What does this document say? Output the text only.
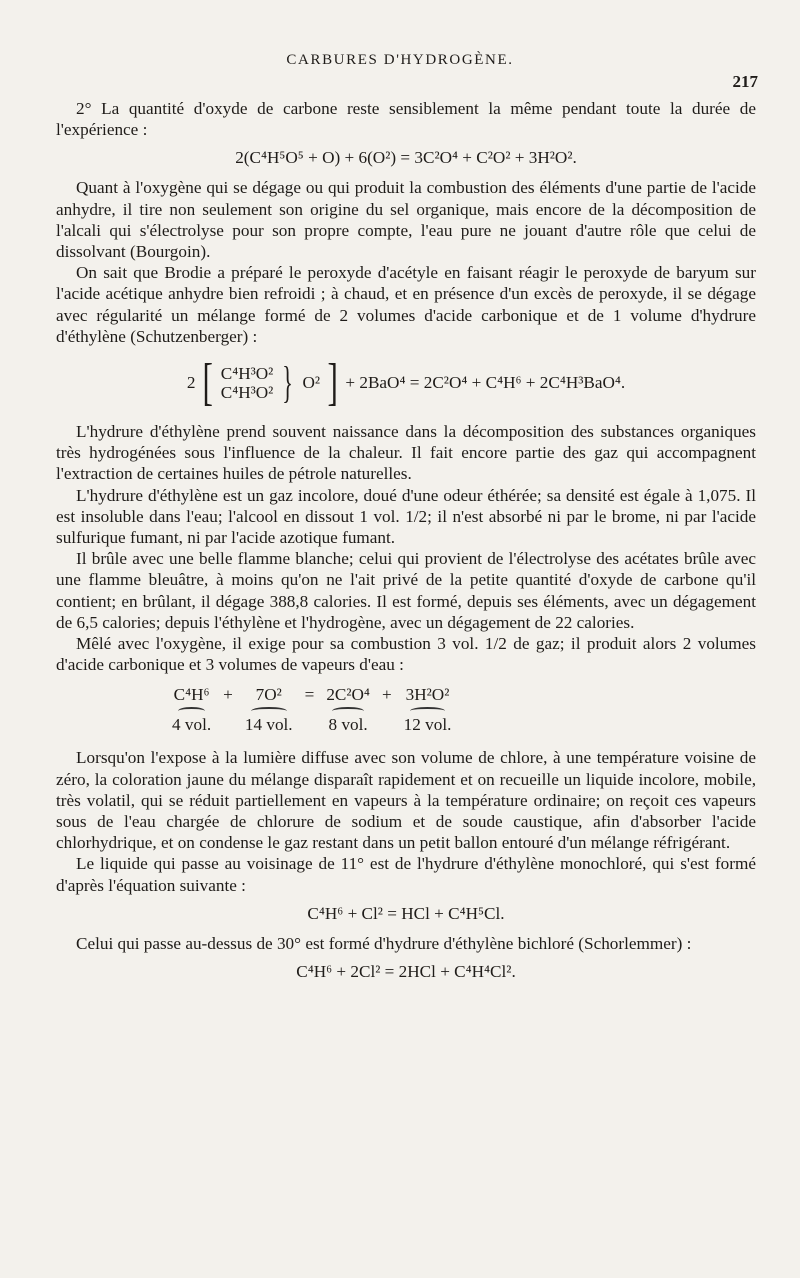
CARBURES D'HYDROGÈNE.
217

2° La quantité d'oxyde de carbone reste sensiblement la même pendant toute la durée de l'expérience :

2(C⁴H⁵O⁵ + O) + 6(O²) = 3C²O⁴ + C²O² + 3H²O².

Quant à l'oxygène qui se dégage ou qui produit la combustion des éléments d'une partie de l'acide anhydre, il tire non seulement son origine du sel organique, mais encore de la décomposition de l'alcali qui s'électrolyse pour son propre compte, l'eau pure ne jouant d'autre rôle que celui de dissolvant (Bourgoin).

On sait que Brodie a préparé le peroxyde d'acétyle en faisant réagir le peroxyde de baryum sur l'acide acétique anhydre bien refroidi ; à chaud, et en présence d'un excès de peroxyde, il se dégage avec régularité un mélange formé de 2 volumes d'acide carbonique et de 1 volume d'hydrure d'éthylène (Schutzenberger) :

2 [ C⁴H³O²
C⁴H³O² } O² ] + 2BaO⁴ = 2C²O⁴ + C⁴H⁶ + 2C⁴H³BaO⁴.

L'hydrure d'éthylène prend souvent naissance dans la décomposition des substances organiques très hydrogénées sous l'influence de la chaleur. Il fait encore partie des gaz qui accompagnent l'extraction de certaines huiles de pétrole naturelles.

L'hydrure d'éthylène est un gaz incolore, doué d'une odeur éthérée; sa densité est égale à 1,075. Il est insoluble dans l'eau; l'alcool en dissout 1 vol. 1/2; il n'est absorbé ni par le brome, ni par l'acide sulfurique fumant, ni par l'acide azotique fumant.

Il brûle avec une belle flamme blanche; celui qui provient de l'électrolyse des acétates brûle avec une flamme bleuâtre, à moins qu'on ne l'ait privé de la petite quantité d'oxyde de carbone qu'il contient; en brûlant, il dégage 388,8 calories. Il est formé, depuis ses éléments, avec un dégagement de 6,5 calories; depuis l'éthylène et l'hydrogène, avec un dégagement de 22 calories.

Mêlé avec l'oxygène, il exige pour sa combustion 3 vol. 1/2 de gaz; il produit alors 2 volumes d'acide carbonique et 3 volumes de vapeurs d'eau :

C⁴H⁶	+	7O²	=	2C²O⁴	+	3H²O²

4 vol.		14 vol.		8 vol.		12 vol.

Lorsqu'on l'expose à la lumière diffuse avec son volume de chlore, à une température voisine de zéro, la coloration jaune du mélange disparaît rapidement et on recueille un liquide incolore, mobile, très volatil, qui se réduit partiellement en vapeurs à la température ordinaire; on reçoit ces vapeurs sous de l'eau chargée de chlorure de sodium et de soude caustique, afin d'absorber l'acide chlorhydrique, et on condense le gaz restant dans un petit ballon entouré d'un mélange réfrigérant.

Le liquide qui passe au voisinage de 11° est de l'hydrure d'éthylène monochloré, qui s'est formé d'après l'équation suivante :

C⁴H⁶ + Cl² = HCl + C⁴H⁵Cl.

Celui qui passe au-dessus de 30° est formé d'hydrure d'éthylène bichloré (Schorlemmer) :

C⁴H⁶ + 2Cl² = 2HCl + C⁴H⁴Cl².
